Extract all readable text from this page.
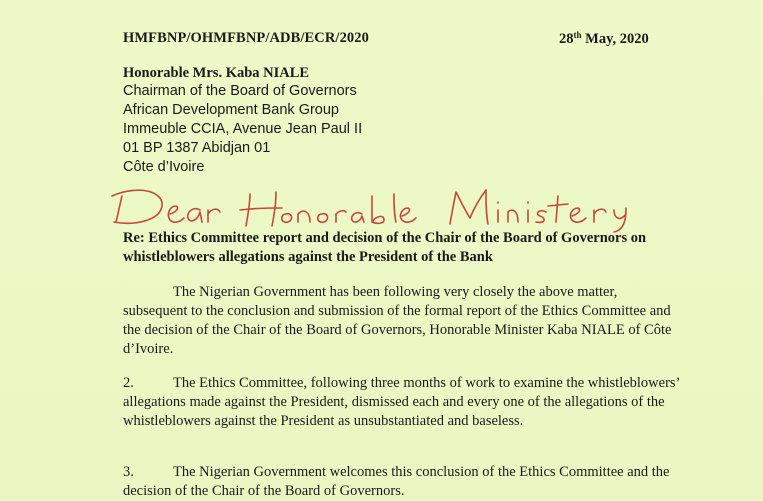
HMFBNP/OHMFBNP/ADB/ECR/2020	28th May, 2020
Honorable Mrs. Kaba NIALE
Chairman of the Board of Governors
African Development Bank Group
Immeuble CCIA, Avenue Jean Paul II
01 BP 1387 Abidjan 01
Côte d’Ivoire
Re: Ethics Committee report and decision of the Chair of the Board of Governors on whistleblowers allegations against the President of the Bank
The Nigerian Government has been following very closely the above matter, subsequent to the conclusion and submission of the formal report of the Ethics Committee and the decision of the Chair of the Board of Governors, Honorable Minister Kaba NIALE of Côte d’Ivoire.
2.	The Ethics Committee, following three months of work to examine the whistleblowers’ allegations made against the President, dismissed each and every one of the allegations of the whistleblowers against the President as unsubstantiated and baseless.
3.	The Nigerian Government welcomes this conclusion of the Ethics Committee and the decision of the Chair of the Board of Governors.
